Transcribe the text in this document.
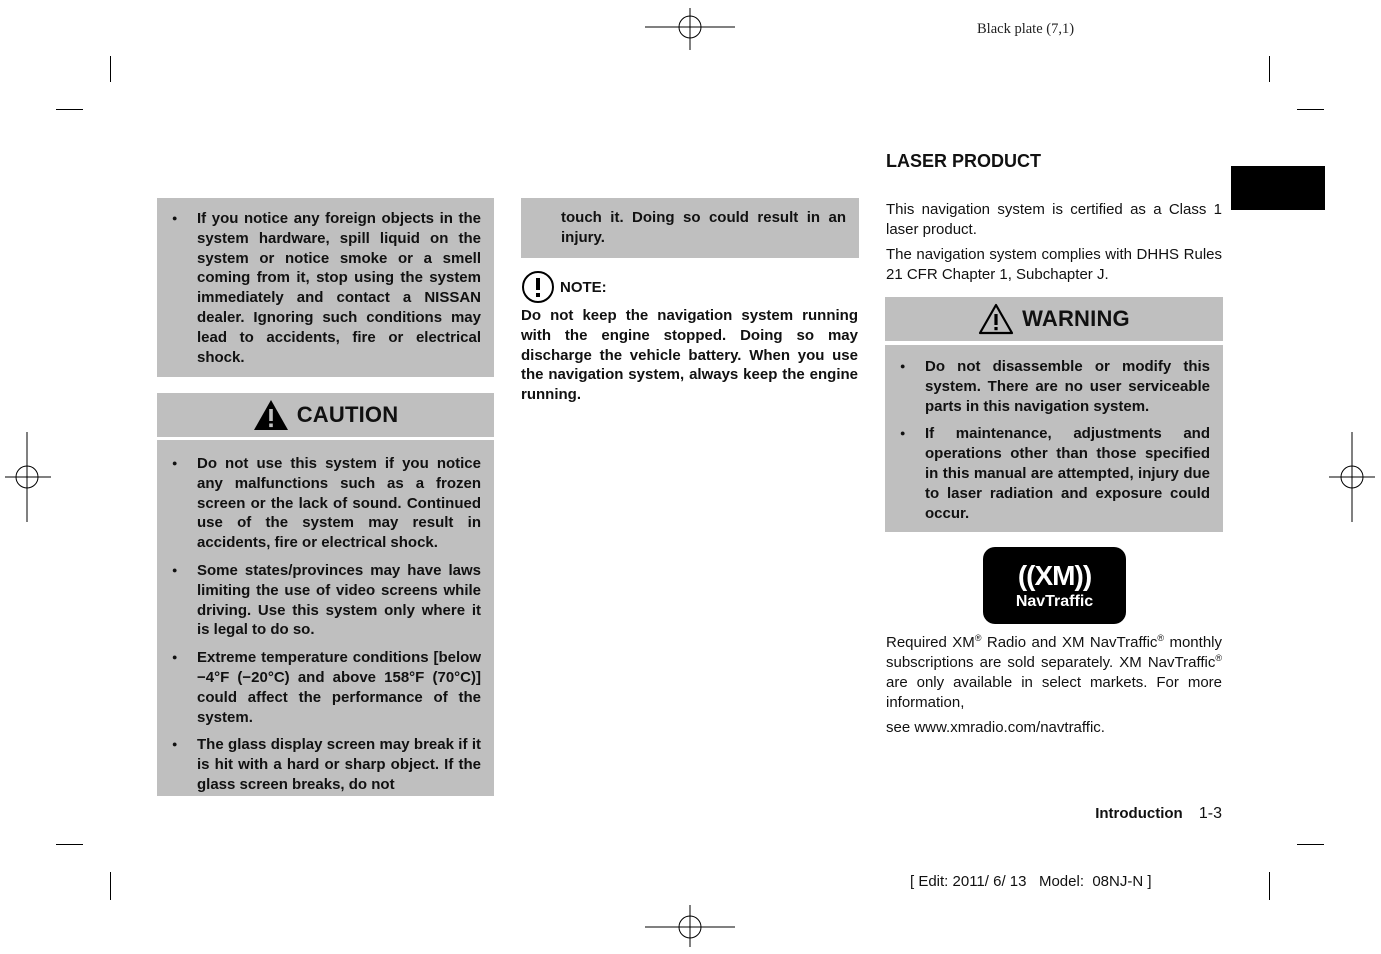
Black plate (7,1)
● If you notice any foreign objects in the system hardware, spill liquid on the system or notice smoke or a smell coming from it, stop using the system immediately and contact a NISSAN dealer. Ignoring such conditions may lead to accidents, fire or electrical shock.
CAUTION
● Do not use this system if you notice any malfunctions such as a frozen screen or the lack of sound. Continued use of the system may result in accidents, fire or electrical shock.
● Some states/provinces may have laws limiting the use of video screens while driving. Use this system only where it is legal to do so.
● Extreme temperature conditions [below −4°F (−20°C) and above 158°F (70°C)] could affect the performance of the system.
● The glass display screen may break if it is hit with a hard or sharp object. If the glass screen breaks, do not
touch it. Doing so could result in an injury.
NOTE:
Do not keep the navigation system running with the engine stopped. Doing so may discharge the vehicle battery. When you use the navigation system, always keep the engine running.
LASER PRODUCT
This navigation system is certified as a Class 1 laser product.
The navigation system complies with DHHS Rules 21 CFR Chapter 1, Subchapter J.
WARNING
● Do not disassemble or modify this system. There are no user serviceable parts in this navigation system.
● If maintenance, adjustments and operations other than those specified in this manual are attempted, injury due to laser radiation and exposure could occur.
((XM))
NavTraffic
Required XM® Radio and XM NavTraffic® monthly subscriptions are sold separately. XM NavTraffic® are only available in select markets. For more information,
see www.xmradio.com/navtraffic.
Introduction 1-3
[ Edit: 2011/ 6/ 13   Model:  08NJ-N ]
